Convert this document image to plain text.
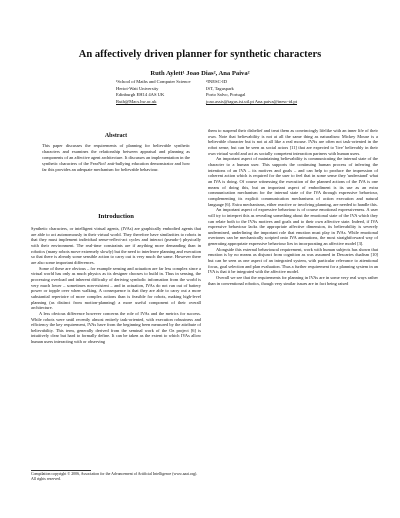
An affectively driven planner for synthetic characters
Ruth Aylett¹ Joao Dias², Ana Paiva²
¹School of Maths and Computer Science
Heriot-Watt University
Edinburgh EH14 4AS UK
Ruth@Macs.hw.ac.uk
²INESC-ID
IST, Taguspark
Porto Salvo, Portugal
joao.assis@tagus.ist.utl.pt Ana.paiva@inesc-id.pt
Abstract
This paper discusses the requirements of planning for believable synthetic characters and examines the relationship between appraisal and planning as components of an affective agent architecture. It discusses an implementation in the synthetic characters of the FearNot! anti-bullying education demonstrator and how far this provides an adequate mechanism for believable behaviour.
Introduction

Synthetic characters, or intelligent virtual agents, (IVAs) are graphically embodied agents that are able to act autonomously in their virtual world. They therefore have similarities to robots in that they must implement individual sense-reflect-act cycles and interact (pseudo-) physically with their environment. The real-time constraints are if anything more demanding than in robotics (many robots move extremely slowly) but the need to interleave planning and execution so that there is already some sensible action to carry out is very much the same. However there are also some important differences.

Some of these are obvious – for example sensing and actuation are far less complex since a virtual world has only as much physics as its designer chooses to build in. Thus in sensing, the processing overload and inherent difficulty of deriving symbolic information from the world is very much lower – sometimes non-existent – and in actuation, IVAs do not run out of battery power or topple over when walking. A consequence is that they are able to carry out a more substantial repertoire of more complex actions than is feasible for robots, making high-level planning (as distinct from motion-planning) a more useful component of their overall architecture.

A less obvious difference however concerns the role of IVAs and the metrics for success. While robots were until recently almost entirely task-oriented, with execution robustness and efficiency the key requirement, IVAs have from the beginning been measured by the attribute of believability. This term, generally derived from the seminal work of the Oz project [6] is intuitively clear but hard to formally define. It can be taken as the extent to which IVAs allow human users interacting with or observing

Compilation copyright © 2006, Association for the Advancement of Artificial Intelligence (www.aaai.org). All rights reserved.

them to suspend their disbelief and treat them as convincingly lifelike with an inner life of their own. Note that believability is not at all the same thing as naturalism: Mickey Mouse is a believable character but is not at all like a real mouse. IVAs are often not task-oriented in the robot sense, but can be seen as social actors [11] that are expected to 'live' believably in their own virtual world and act as socially competent interaction partners with human users.

An important aspect of maintaining believability is communicating the internal state of the character to a human user. This supports the continuing human process of inferring the intentions of an IVA – its motives and goals – and can help to produce the impression of coherent action which is required for the user to feel that in some sense they 'understand' what an IVA is doing. Of course witnessing the execution of the planned actions of the IVA is one means of doing this, but an important aspect of embodiment is its use as an extra communication mechanism for the internal state of the IVA through expressive behaviour, complementing its explicit communication mechanisms of action execution and natural language [6]. Extra mechanisms, either reactive or involving planning, are needed to handle this.

An important aspect of expressive behaviour is of course emotional expressiveness. A user will try to interpret this as revealing something about the emotional state of the IVA which they can relate both to the IVAs motives and goals and to their own affective state. Indeed, if IVA expressive behaviour lacks the appropriate affective dimension, its believability is severely undermined, underlining the important role that emotion must play in IVAs. While emotional overtones can be mechanically scripted onto IVA animations, the most straightforward way of generating appropriate expressive behaviour lies in incorporating an affective model [3].

Alongside this external behavioural requirement, work with human subjects has shown that emotion is by no means as disjunct from cognition as was assumed in Descartes dualism [10] but can be seen as one aspect of an integrated system, with particular relevance to attentional focus, goal selection and plan evaluation. Thus a further requirement for a planning system in an IVA is that it be integrated with the affective model.

Overall we see that the requirements for planning in IVAs are in some very real ways rather than in conventional robotics, though very similar issues are in fact being raised
